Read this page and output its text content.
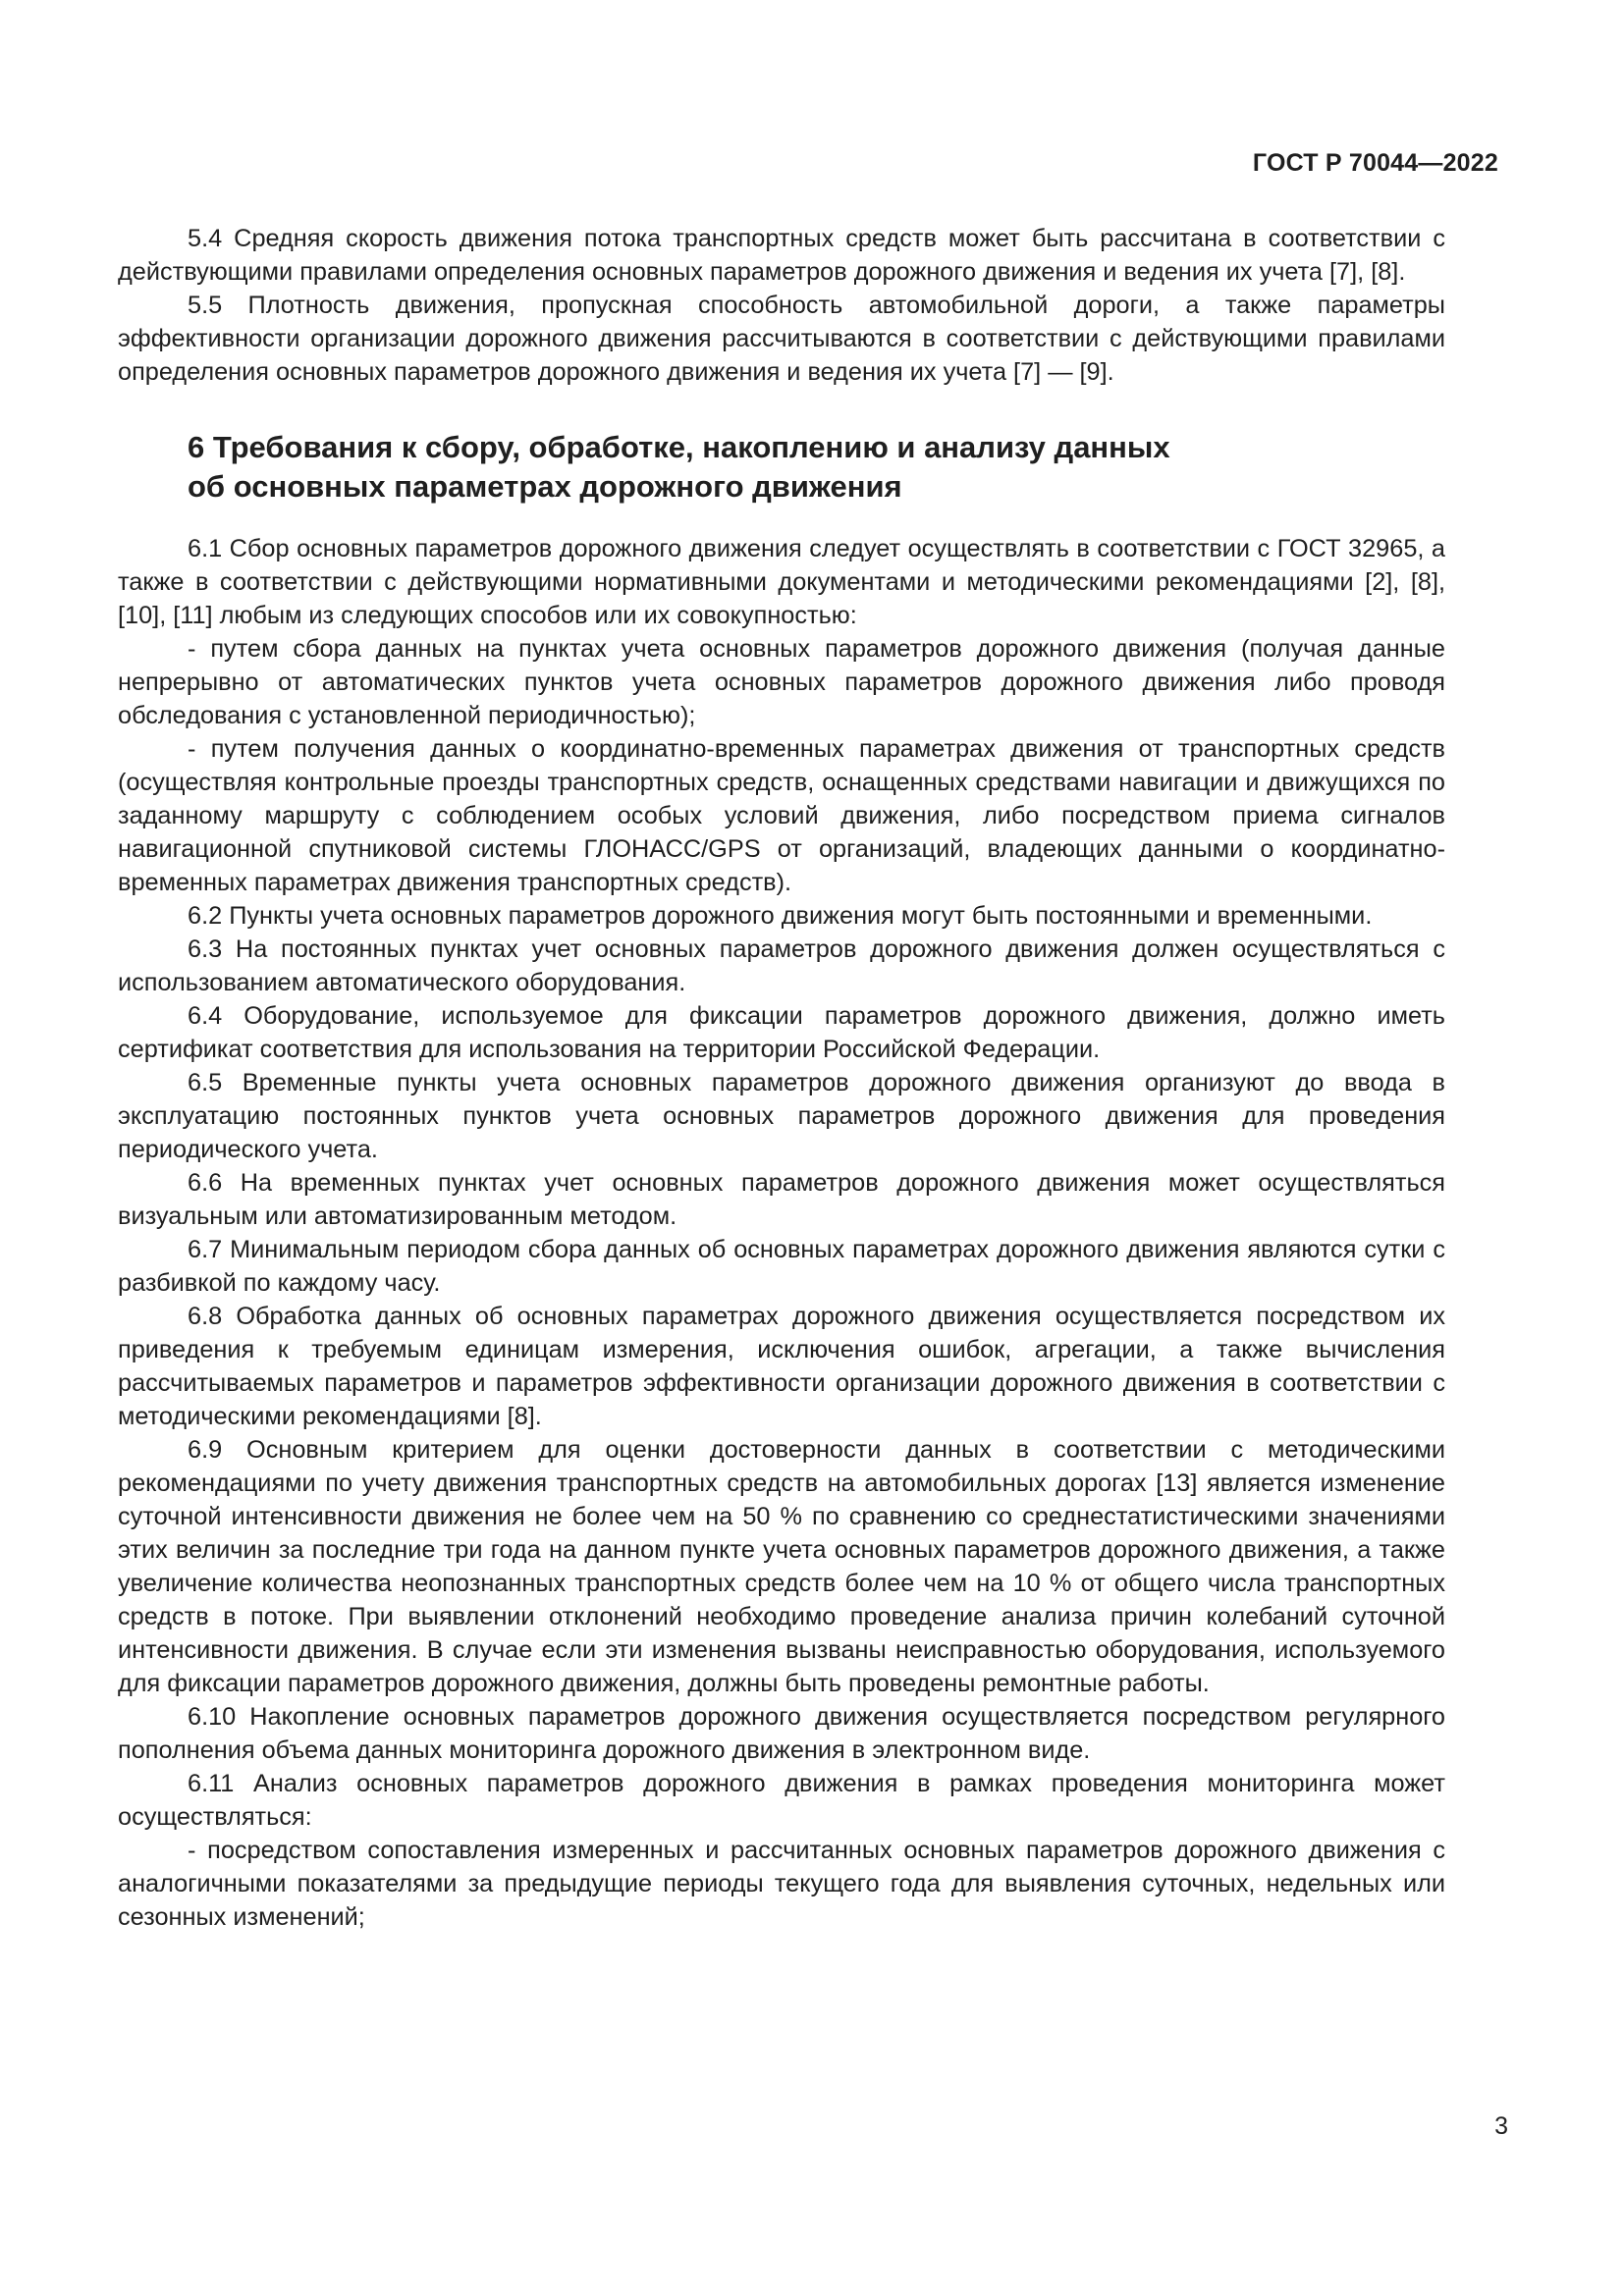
ГОСТ Р 70044—2022

5.4 Средняя скорость движения потока транспортных средств может быть рассчитана в соответствии с действующими правилами определения основных параметров дорожного движения и ведения их учета [7], [8].

5.5 Плотность движения, пропускная способность автомобильной дороги, а также параметры эффективности организации дорожного движения рассчитываются в соответствии с действующими правилами определения основных параметров дорожного движения и ведения их учета [7] — [9].

6 Требования к сбору, обработке, накоплению и анализу данных
об основных параметрах дорожного движения

6.1 Сбор основных параметров дорожного движения следует осуществлять в соответствии с ГОСТ 32965, а также в соответствии с действующими нормативными документами и методическими рекомендациями [2], [8], [10], [11] любым из следующих способов или их совокупностью:

- путем сбора данных на пунктах учета основных параметров дорожного движения (получая данные непрерывно от автоматических пунктов учета основных параметров дорожного движения либо проводя обследования с установленной периодичностью);

- путем получения данных о координатно-временных параметрах движения от транспортных средств (осуществляя контрольные проезды транспортных средств, оснащенных средствами навигации и движущихся по заданному маршруту с соблюдением особых условий движения, либо посредством приема сигналов навигационной спутниковой системы ГЛОНАСС/GPS от организаций, владеющих данными о координатно-временных параметрах движения транспортных средств).

6.2 Пункты учета основных параметров дорожного движения могут быть постоянными и временными.

6.3 На постоянных пунктах учет основных параметров дорожного движения должен осуществляться с использованием автоматического оборудования.

6.4 Оборудование, используемое для фиксации параметров дорожного движения, должно иметь сертификат соответствия для использования на территории Российской Федерации.

6.5 Временные пункты учета основных параметров дорожного движения организуют до ввода в эксплуатацию постоянных пунктов учета основных параметров дорожного движения для проведения периодического учета.

6.6 На временных пунктах учет основных параметров дорожного движения может осуществляться визуальным или автоматизированным методом.

6.7 Минимальным периодом сбора данных об основных параметрах дорожного движения являются сутки с разбивкой по каждому часу.

6.8 Обработка данных об основных параметрах дорожного движения осуществляется посредством их приведения к требуемым единицам измерения, исключения ошибок, агрегации, а также вычисления рассчитываемых параметров и параметров эффективности организации дорожного движения в соответствии с методическими рекомендациями [8].

6.9 Основным критерием для оценки достоверности данных в соответствии с методическими рекомендациями по учету движения транспортных средств на автомобильных дорогах [13] является изменение суточной интенсивности движения не более чем на 50 % по сравнению со среднестатистическими значениями этих величин за последние три года на данном пункте учета основных параметров дорожного движения, а также увеличение количества неопознанных транспортных средств более чем на 10 % от общего числа транспортных средств в потоке. При выявлении отклонений необходимо проведение анализа причин колебаний суточной интенсивности движения. В случае если эти изменения вызваны неисправностью оборудования, используемого для фиксации параметров дорожного движения, должны быть проведены ремонтные работы.

6.10 Накопление основных параметров дорожного движения осуществляется посредством регулярного пополнения объема данных мониторинга дорожного движения в электронном виде.

6.11 Анализ основных параметров дорожного движения в рамках проведения мониторинга может осуществляться:

- посредством сопоставления измеренных и рассчитанных основных параметров дорожного движения с аналогичными показателями за предыдущие периоды текущего года для выявления суточных, недельных или сезонных изменений;

3
